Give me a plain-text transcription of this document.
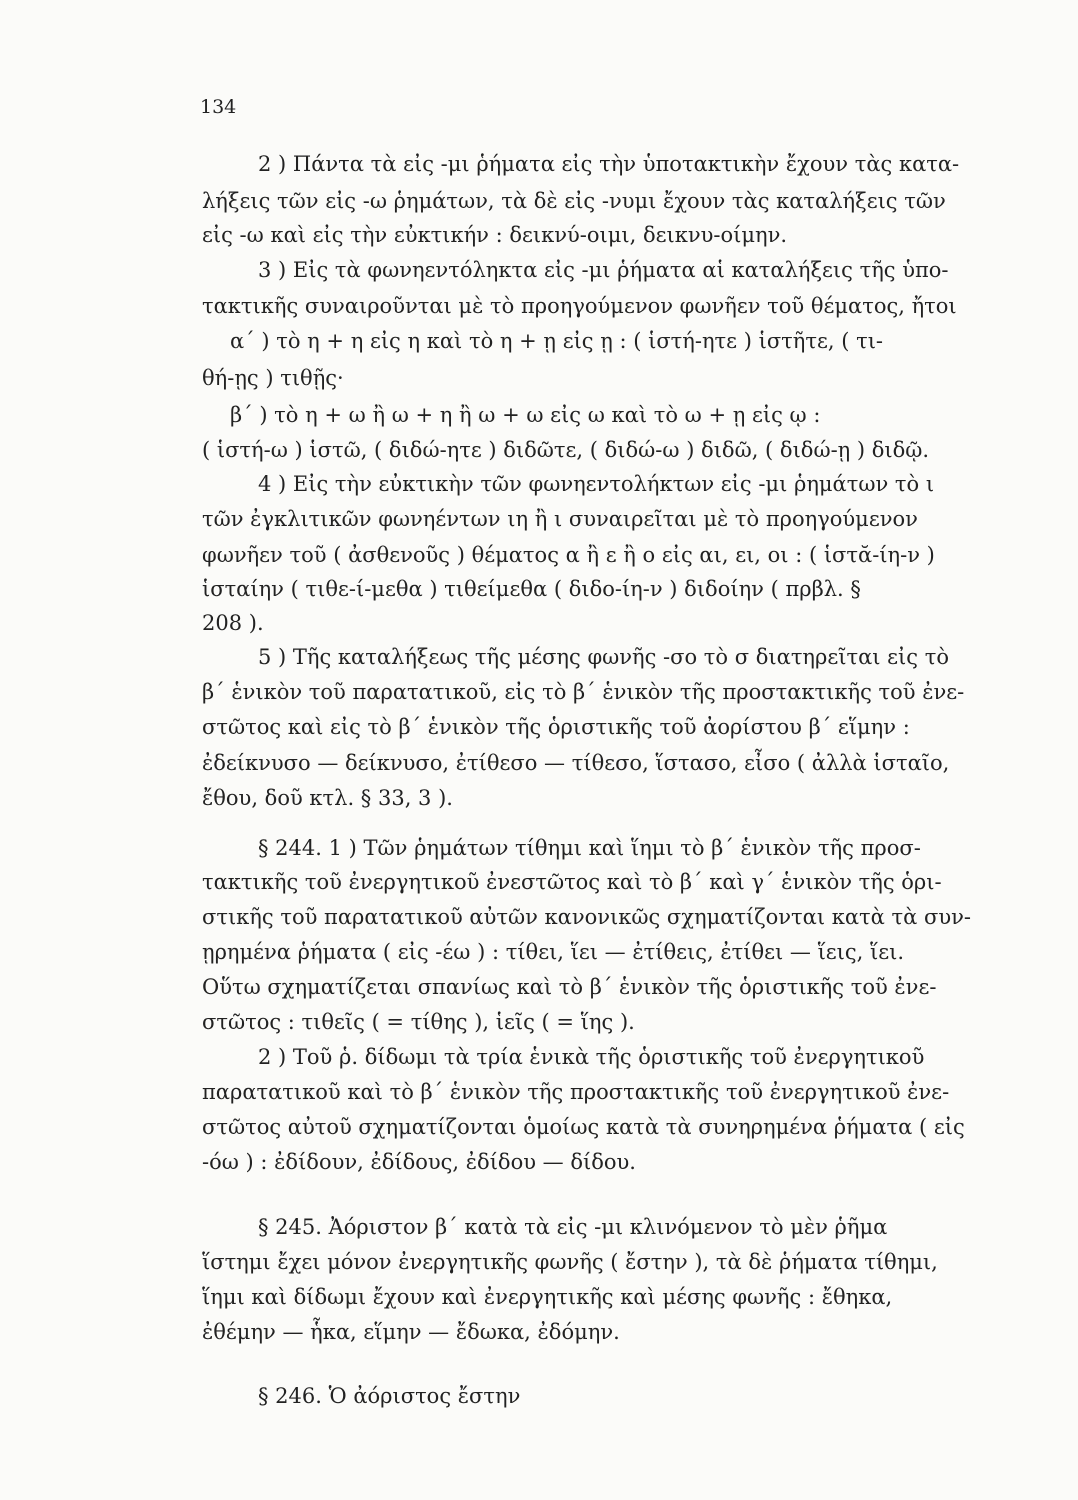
134
2 ) Πάντα τὰ εἰς -μι ῥήματα εἰς τὴν ὑποτακτικὴν ἔχουν τὰς κατα-
λήξεις τῶν εἰς -ω ῥημάτων, τὰ δὲ εἰς -νυμι ἔχουν τὰς καταλήξεις τῶν
εἰς -ω καὶ εἰς τὴν εὐκτικήν : δεικνύ-οιμι, δεικνυ-οίμην.
3 ) Εἰς τὰ φωνηεντόληκτα εἰς -μι ῥήματα αἱ καταλήξεις τῆς ὑπο-
τακτικῆς συναιροῦνται μὲ τὸ προηγούμενον φωνῆεν τοῦ θέματος, ἤτοι
α΄ ) τὸ η + η εἰς η καὶ τὸ η + ῃ εἰς ῃ : ( ἱστή-ητε ) ἱστῆτε, ( τι-
θή-ῃς ) τιθῇς·
β΄ ) τὸ η + ω ἢ ω + η ἢ ω + ω εἰς ω καὶ τὸ ω + ῃ εἰς ῳ :
( ἱστή-ω ) ἱστῶ, ( διδώ-ητε ) διδῶτε, ( διδώ-ω ) διδῶ, ( διδώ-ῃ ) διδῷ.
4 ) Εἰς τὴν εὐκτικὴν τῶν φωνηεντολήκτων εἰς -μι ῥημάτων τὸ ι
τῶν ἐγκλιτικῶν φωνηέντων ιη ἢ ι συναιρεῖται μὲ τὸ προηγούμενον
φωνῆεν τοῦ ( ἀσθενοῦς ) θέματος α ἢ ε ἢ ο εἰς αι, ει, οι : ( ἱστᾰ-ίη-ν )
ἱσταίην ( τιθε-ί-μεθα ) τιθείμεθα ( διδο-ίη-ν ) διδοίην ( πρβλ. §
208 ).
5 ) Τῆς καταλήξεως τῆς μέσης φωνῆς -σο τὸ σ διατηρεῖται εἰς τὸ
β΄ ἑνικὸν τοῦ παρατατικοῦ, εἰς τὸ β΄ ἑνικὸν τῆς προστακτικῆς τοῦ ἐνε-
στῶτος καὶ εἰς τὸ β΄ ἑνικὸν τῆς ὁριστικῆς τοῦ ἀορίστου β΄ εἵμην :
ἐδείκνυσο — δείκνυσο, ἐτίθεσο — τίθεσο, ἵστασο, εἶσο ( ἀλλὰ ἱσταῖο,
ἔθου, δοῦ κτλ. § 33, 3 ).
§ 244. 1 ) Τῶν ῥημάτων τίθημι καὶ ἵημι τὸ β΄ ἑνικὸν τῆς προσ-
τακτικῆς τοῦ ἐνεργητικοῦ ἐνεστῶτος καὶ τὸ β΄ καὶ γ΄ ἑνικὸν τῆς ὁρι-
στικῆς τοῦ παρατατικοῦ αὐτῶν κανονικῶς σχηματίζονται κατὰ τὰ συν-
ῃρημένα ῥήματα ( εἰς -έω ) : τίθει, ἵει — ἐτίθεις, ἐτίθει — ἵεις, ἵει.
Οὕτω σχηματίζεται σπανίως καὶ τὸ β΄ ἑνικὸν τῆς ὁριστικῆς τοῦ ἐνε-
στῶτος : τιθεῖς ( = τίθης ), ἱεῖς ( = ἵης ).
2 ) Τοῦ ῥ. δίδωμι τὰ τρία ἑνικὰ τῆς ὁριστικῆς τοῦ ἐνεργητικοῦ
παρατατικοῦ καὶ τὸ β΄ ἑνικὸν τῆς προστακτικῆς τοῦ ἐνεργητικοῦ ἐνε-
στῶτος αὐτοῦ σχηματίζονται ὁμοίως κατὰ τὰ συνηρημένα ῥήματα ( εἰς
-όω ) : ἐδίδουν, ἐδίδους, ἐδίδου — δίδου.
§ 245. Ἀόριστον β΄ κατὰ τὰ εἰς -μι κλινόμενον τὸ μὲν ῥῆμα
ἵστημι ἔχει μόνον ἐνεργητικῆς φωνῆς ( ἔστην ), τὰ δὲ ῥήματα τίθημι,
ἵημι καὶ δίδωμι ἔχουν καὶ ἐνεργητικῆς καὶ μέσης φωνῆς : ἔθηκα,
ἐθέμην — ἧκα, εἵμην — ἔδωκα, ἐδόμην.
§ 246. Ὁ ἀόριστος ἔστην
